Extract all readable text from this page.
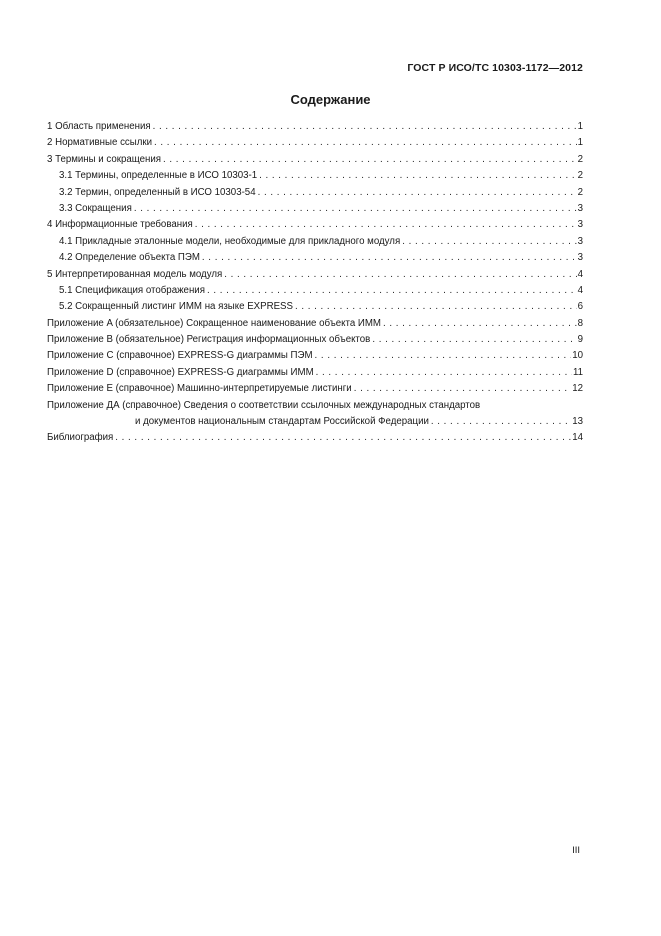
ГОСТ Р ИСО/ТС 10303-1172—2012
Содержание
1 Область применения . . .	1
2 Нормативные ссылки . . .	1
3 Термины и сокращения . . .	2
3.1 Термины, определенные в ИСО 10303-1 . . .	2
3.2 Термин, определенный в ИСО 10303-54 . . .	2
3.3 Сокращения . . .	3
4 Информационные требования . . .	3
4.1 Прикладные эталонные модели, необходимые для прикладного модуля . . .	3
4.2 Определение объекта ПЭМ . . .	3
5 Интерпретированная модель модуля . . .	4
5.1 Спецификация отображения . . .	4
5.2 Сокращенный листинг ИММ на языке EXPRESS . . .	6
Приложение A (обязательное) Сокращенное наименование объекта ИММ . . .	8
Приложение B (обязательное) Регистрация информационных объектов . . .	9
Приложение C (справочное) EXPRESS-G диаграммы ПЭМ . . .	10
Приложение D (справочное) EXPRESS-G диаграммы ИММ . . .	11
Приложение E (справочное) Машинно-интерпретируемые листинги . . .	12
Приложение ДА (справочное) Сведения о соответствии ссылочных международных стандартов
и документов национальным стандартам Российской Федерации . . .	13
Библиография . . .	14
III
